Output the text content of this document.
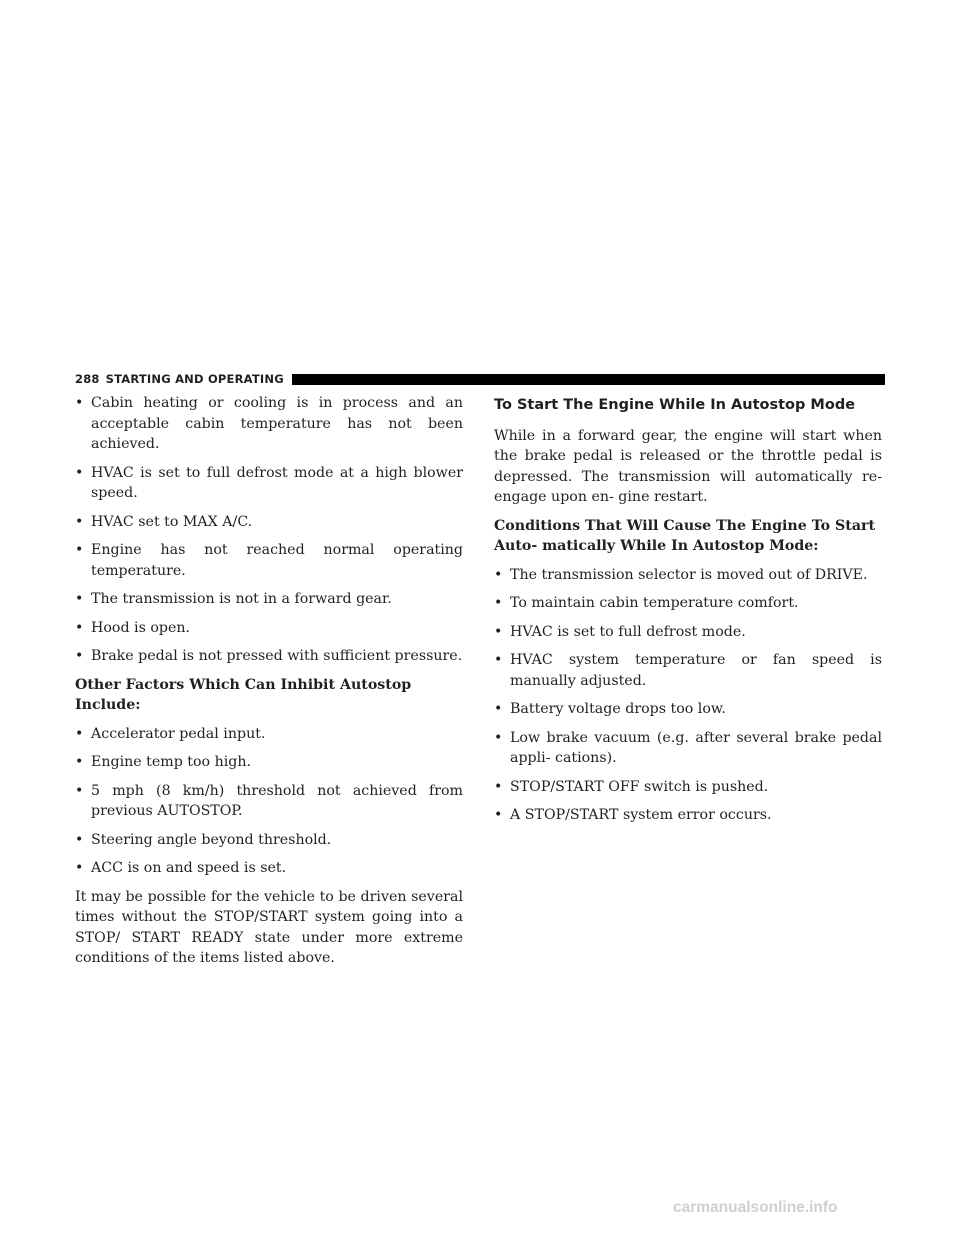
288 STARTING AND OPERATING
• Cabin heating or cooling is in process and an acceptable cabin temperature has not been achieved.
• HVAC is set to full defrost mode at a high blower speed.
• HVAC set to MAX A/C.
• Engine has not reached normal operating temperature.
• The transmission is not in a forward gear.
• Hood is open.
• Brake pedal is not pressed with sufficient pressure.

Other Factors Which Can Inhibit Autostop Include:

• Accelerator pedal input.
• Engine temp too high.
• 5 mph (8 km/h) threshold not achieved from previous AUTOSTOP.
• Steering angle beyond threshold.
• ACC is on and speed is set.

It may be possible for the vehicle to be driven several times without the STOP/START system going into a STOP/ START READY state under more extreme conditions of the items listed above.

To Start The Engine While In Autostop Mode

While in a forward gear, the engine will start when the brake pedal is released or the throttle pedal is depressed. The transmission will automatically re-engage upon en- gine restart.

Conditions That Will Cause The Engine To Start Auto- matically While In Autostop Mode:

• The transmission selector is moved out of DRIVE.
• To maintain cabin temperature comfort.
• HVAC is set to full defrost mode.
• HVAC system temperature or fan speed is manually adjusted.
• Battery voltage drops too low.
• Low brake vacuum (e.g. after several brake pedal appli- cations).
• STOP/START OFF switch is pushed.
• A STOP/START system error occurs.
carmanualsonline.info
